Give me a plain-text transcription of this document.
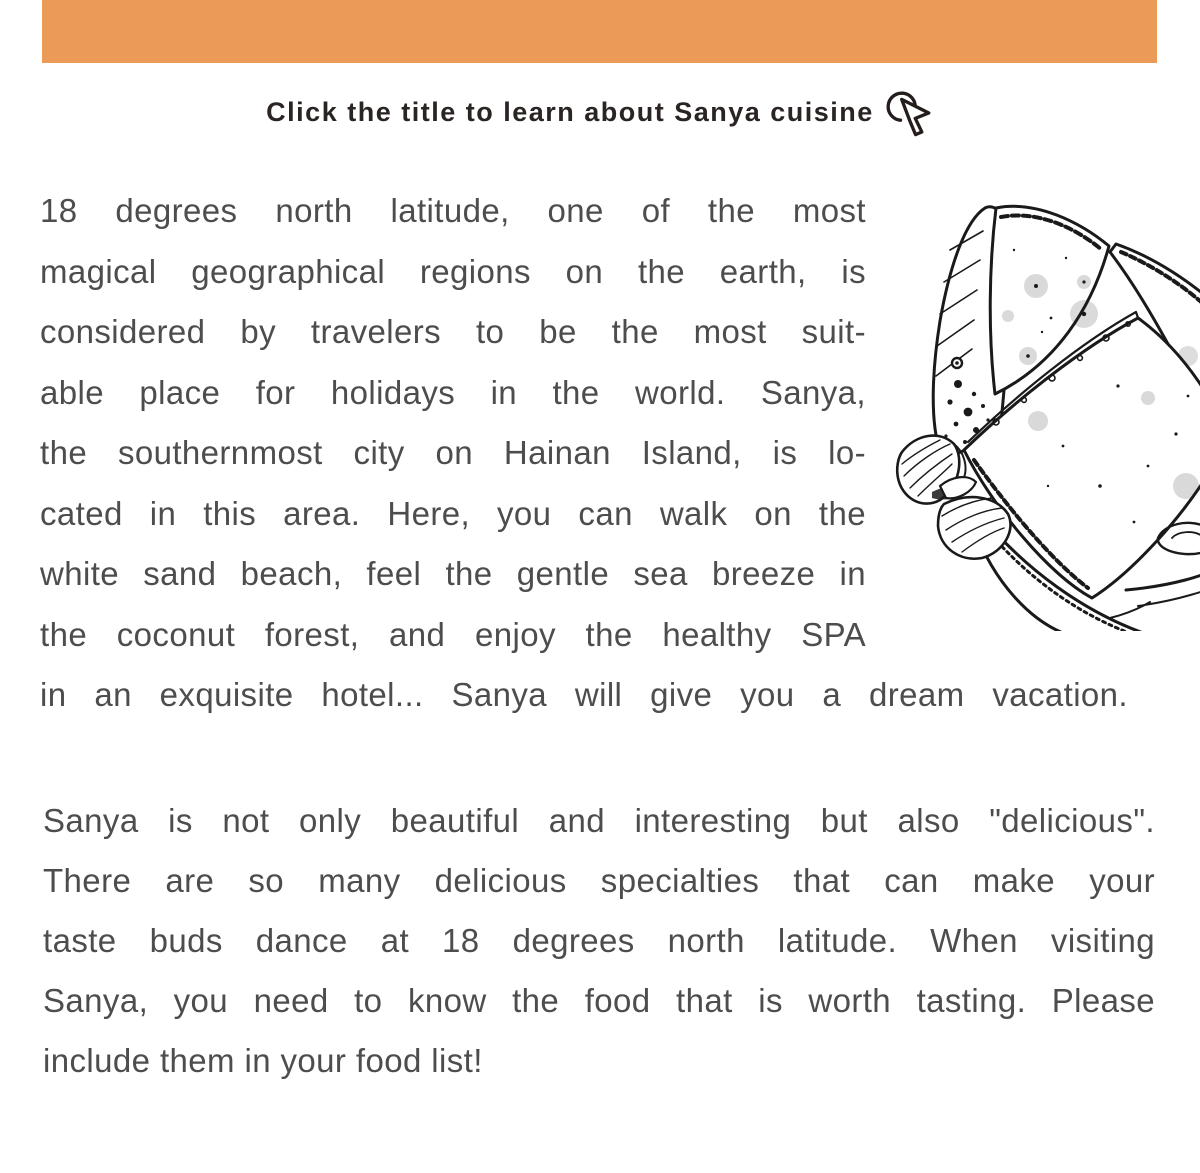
Click the title to learn about Sanya cuisine
18 degrees north latitude, one of the most
magical geographical regions on the earth, is
considered by travelers to be the most suit-
able place for holidays in the world. Sanya,
the southernmost city on Hainan Island, is lo-
cated in this area. Here, you can walk on the
white sand beach, feel the gentle sea breeze in
the coconut forest, and enjoy the healthy SPA
in an exquisite hotel... Sanya will give you a dream vacation.
Sanya is not only beautiful and interesting but also "delicious".
There are so many delicious specialties that can make your
taste buds dance at 18 degrees north latitude. When visiting
Sanya, you need to know the food that is worth tasting. Please
include them in your food list!
